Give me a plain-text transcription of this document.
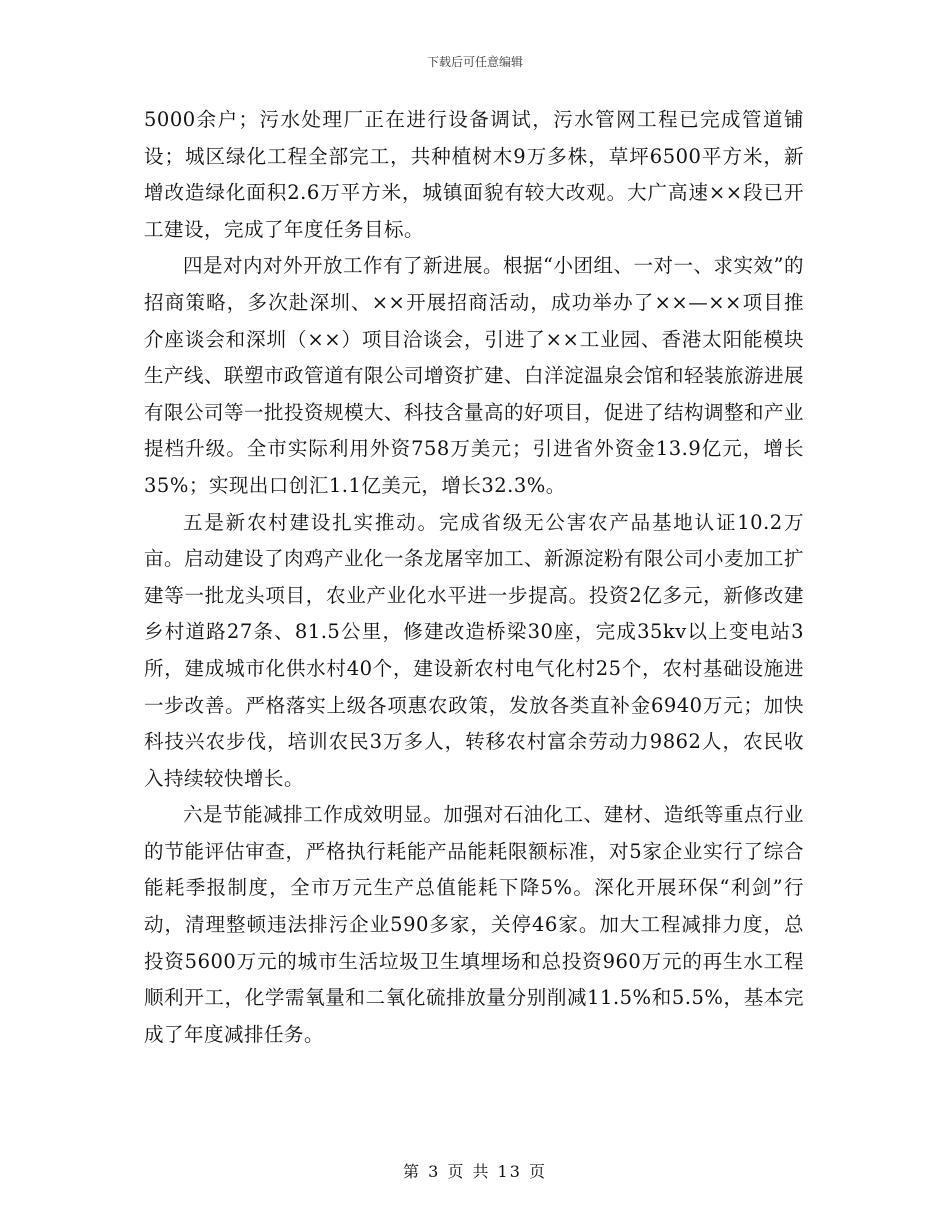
下载后可任意编辑

5000余户；污水处理厂正在进行设备调试，污水管网工程已完成管道铺设；城区绿化工程全部完工，共种植树木9万多株，草坪6500平方米，新增改造绿化面积2.6万平方米，城镇面貌有较大改观。大广高速××段已开工建设，完成了年度任务目标。

四是对内对外开放工作有了新进展。根据“小团组、一对一、求实效”的招商策略，多次赴深圳、××开展招商活动，成功举办了××—××项目推介座谈会和深圳（××）项目洽谈会，引进了××工业园、香港太阳能模块生产线、联塑市政管道有限公司增资扩建、白洋淀温泉会馆和轻装旅游进展有限公司等一批投资规模大、科技含量高的好项目，促进了结构调整和产业提档升级。全市实际利用外资758万美元；引进省外资金13.9亿元，增长35%；实现出口创汇1.1亿美元，增长32.3%。

五是新农村建设扎实推动。完成省级无公害农产品基地认证10.2万亩。启动建设了肉鸡产业化一条龙屠宰加工、新源淀粉有限公司小麦加工扩建等一批龙头项目，农业产业化水平进一步提高。投资2亿多元，新修改建乡村道路27条、81.5公里，修建改造桥梁30座，完成35kv以上变电站3所，建成城市化供水村40个，建设新农村电气化村25个，农村基础设施进一步改善。严格落实上级各项惠农政策，发放各类直补金6940万元；加快科技兴农步伐，培训农民3万多人，转移农村富余劳动力9862人，农民收入持续较快增长。

六是节能减排工作成效明显。加强对石油化工、建材、造纸等重点行业的节能评估审查，严格执行耗能产品能耗限额标准，对5家企业实行了综合能耗季报制度，全市万元生产总值能耗下降5%。深化开展环保“利剑”行动，清理整顿违法排污企业590多家，关停46家。加大工程减排力度，总投资5600万元的城市生活垃圾卫生填埋场和总投资960万元的再生水工程顺利开工，化学需氧量和二氧化硫排放量分别削减11.5%和5.5%，基本完成了年度减排任务。

第 3 页 共 13 页
